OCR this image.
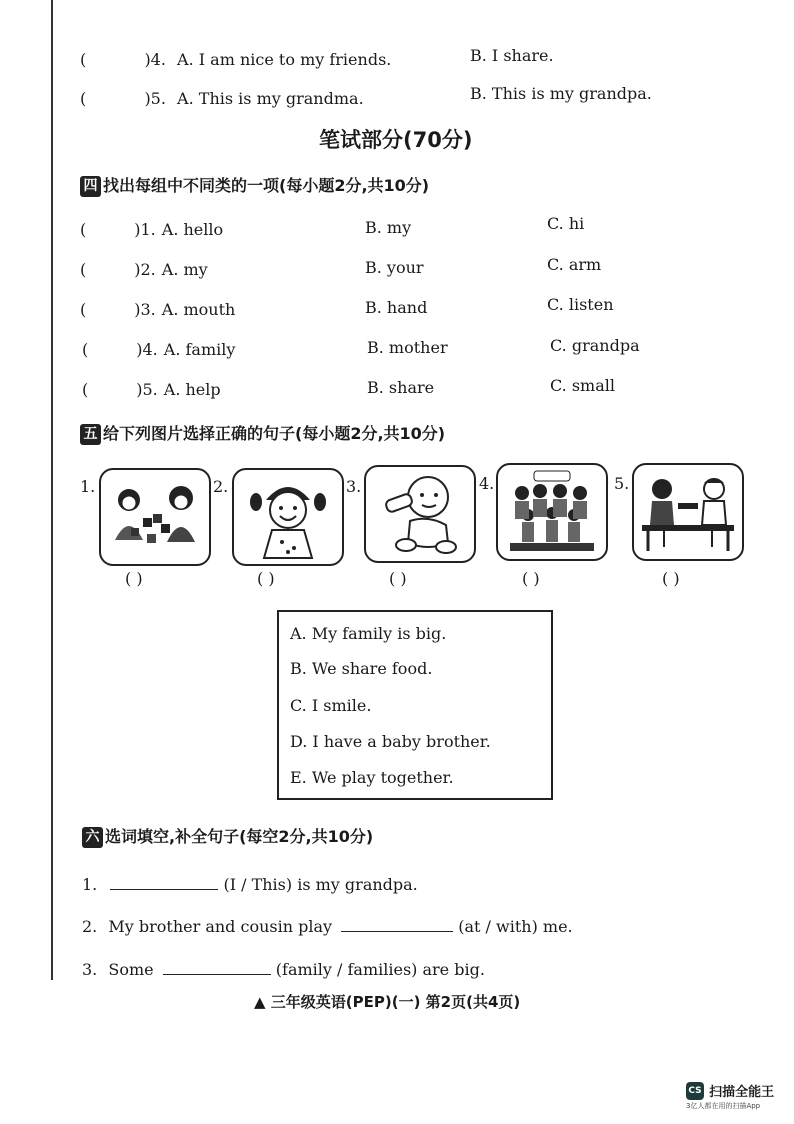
(	)4. A. I am nice to my friends.	B. I share.
(	)5. A. This is my grandma.	B. This is my grandpa.
笔试部分(70分)
四 找出每组中不同类的一项(每小题2分,共10分)
(	)1. A. hello	B. my	C. hi
(	)2. A. my	B. your	C. arm
(	)3. A. mouth	B. hand	C. listen
(	)4. A. family	B. mother	C. grandpa
(	)5. A. help	B. share	C. small
五 给下列图片选择正确的句子(每小题2分,共10分)
1.	2.	3.	4.	5.
( )	( )	( )	( )	( )
A. My family is big.
B. We share food.
C. I smile.
D. I have a baby brother.
E. We play together.
六 选词填空,补全句子(每空2分,共10分)
1.	(I / This) is my grandpa.
2. My brother and cousin play	(at / with) me.
3. Some	(family / families) are big.
▲ 三年级英语(PEP)(一) 第2页(共4页)
CS 扫描全能王
3亿人都在用的扫描App
